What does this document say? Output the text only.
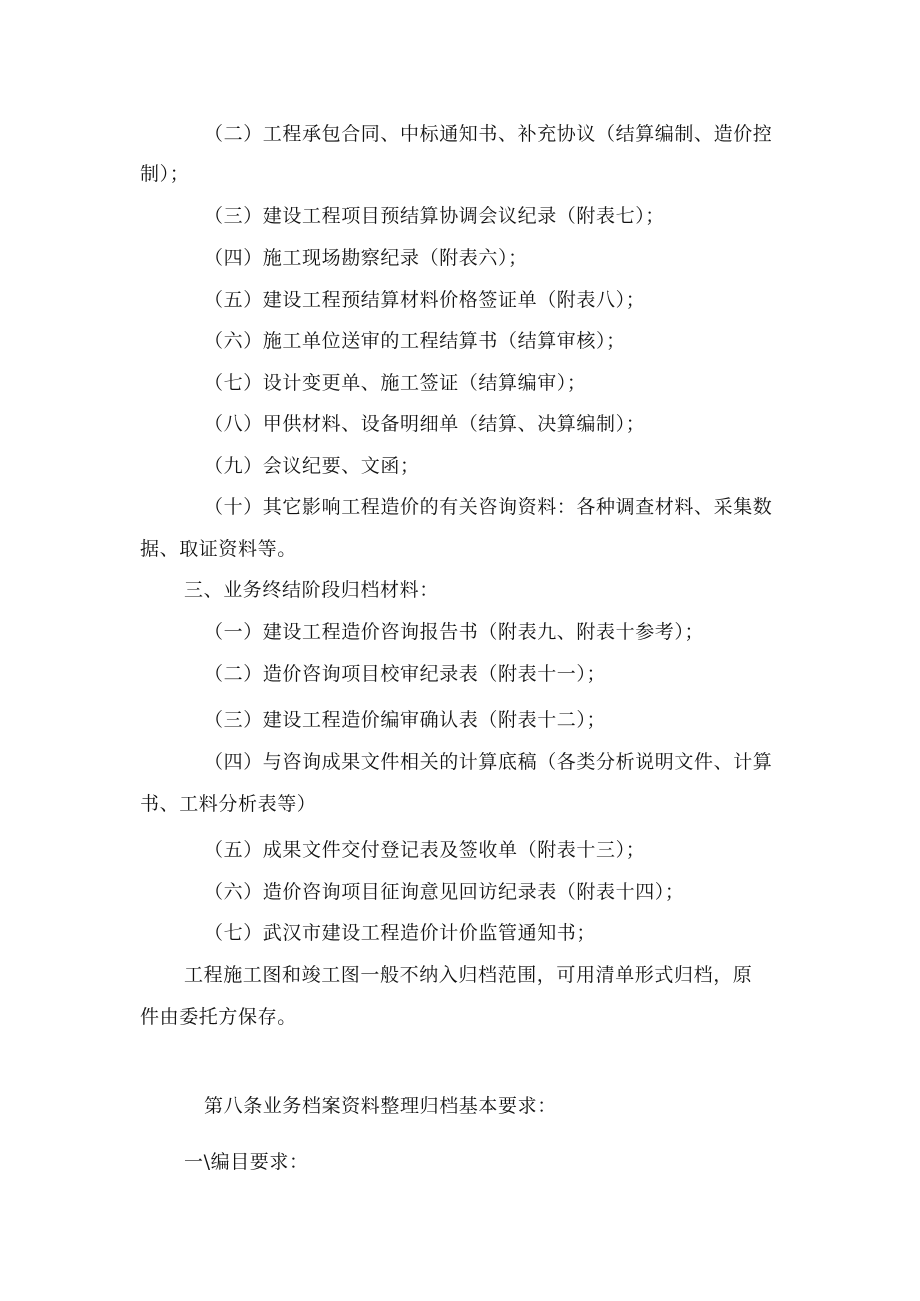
（二）工程承包合同、中标通知书、补充协议（结算编制、造价控
制）；
（三）建设工程项目预结算协调会议纪录（附表七）；
（四）施工现场勘察纪录（附表六）；
（五）建设工程预结算材料价格签证单（附表八）；
（六）施工单位送审的工程结算书（结算审核）；
（七）设计变更单、施工签证（结算编审）；
（八）甲供材料、设备明细单（结算、决算编制）；
（九）会议纪要、文函；
（十）其它影响工程造价的有关咨询资料：各种调查材料、采集数
据、取证资料等。
三、业务终结阶段归档材料：
（一）建设工程造价咨询报告书（附表九、附表十参考）；
（二）造价咨询项目校审纪录表（附表十一）；
（三）建设工程造价编审确认表（附表十二）；
（四）与咨询成果文件相关的计算底稿（各类分析说明文件、计算
书、工料分析表等）
（五）成果文件交付登记表及签收单（附表十三）；
（六）造价咨询项目征询意见回访纪录表（附表十四）；
（七）武汉市建设工程造价计价监管通知书；
工程施工图和竣工图一般不纳入归档范围，可用清单形式归档，原
件由委托方保存。
第八条业务档案资料整理归档基本要求：
一\编目要求：
